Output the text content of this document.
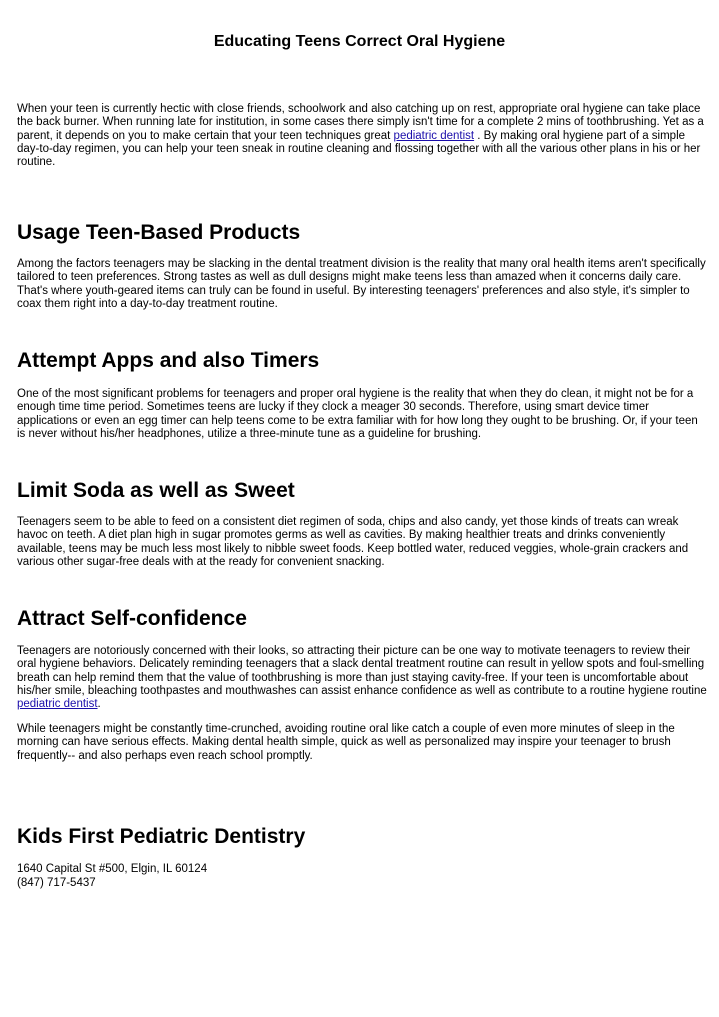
Educating Teens Correct Oral Hygiene

When your teen is currently hectic with close friends, schoolwork and also catching up on rest, appropriate oral hygiene can take place the back burner. When running late for institution, in some cases there simply isn't time for a complete 2 mins of toothbrushing. Yet as a parent, it depends on you to make certain that your teen techniques great pediatric dentist . By making oral hygiene part of a simple day-to-day regimen, you can help your teen sneak in routine cleaning and flossing together with all the various other plans in his or her routine.

Usage Teen-Based Products

Among the factors teenagers may be slacking in the dental treatment division is the reality that many oral health items aren't specifically tailored to teen preferences. Strong tastes as well as dull designs might make teens less than amazed when it concerns daily care. That's where youth-geared items can truly can be found in useful. By interesting teenagers' preferences and also style, it's simpler to coax them right into a day-to-day treatment routine.

Attempt Apps and also Timers

One of the most significant problems for teenagers and proper oral hygiene is the reality that when they do clean, it might not be for a enough time time period. Sometimes teens are lucky if they clock a meager 30 seconds. Therefore, using smart device timer applications or even an egg timer can help teens come to be extra familiar with for how long they ought to be brushing. Or, if your teen is never without his/her headphones, utilize a three-minute tune as a guideline for brushing.

Limit Soda as well as Sweet

Teenagers seem to be able to feed on a consistent diet regimen of soda, chips and also candy, yet those kinds of treats can wreak havoc on teeth. A diet plan high in sugar promotes germs as well as cavities. By making healthier treats and drinks conveniently available, teens may be much less most likely to nibble sweet foods. Keep bottled water, reduced veggies, whole-grain crackers and various other sugar-free deals with at the ready for convenient snacking.

Attract Self-confidence

Teenagers are notoriously concerned with their looks, so attracting their picture can be one way to motivate teenagers to review their oral hygiene behaviors. Delicately reminding teenagers that a slack dental treatment routine can result in yellow spots and foul-smelling breath can help remind them that the value of toothbrushing is more than just staying cavity-free. If your teen is uncomfortable about his/her smile, bleaching toothpastes and mouthwashes can assist enhance confidence as well as contribute to a routine hygiene routine pediatric dentist.

While teenagers might be constantly time-crunched, avoiding routine oral like catch a couple of even more minutes of sleep in the morning can have serious effects. Making dental health simple, quick as well as personalized may inspire your teenager to brush frequently-- and also perhaps even reach school promptly.

Kids First Pediatric Dentistry

1640 Capital St #500, Elgin, IL 60124

(847) 717-5437
